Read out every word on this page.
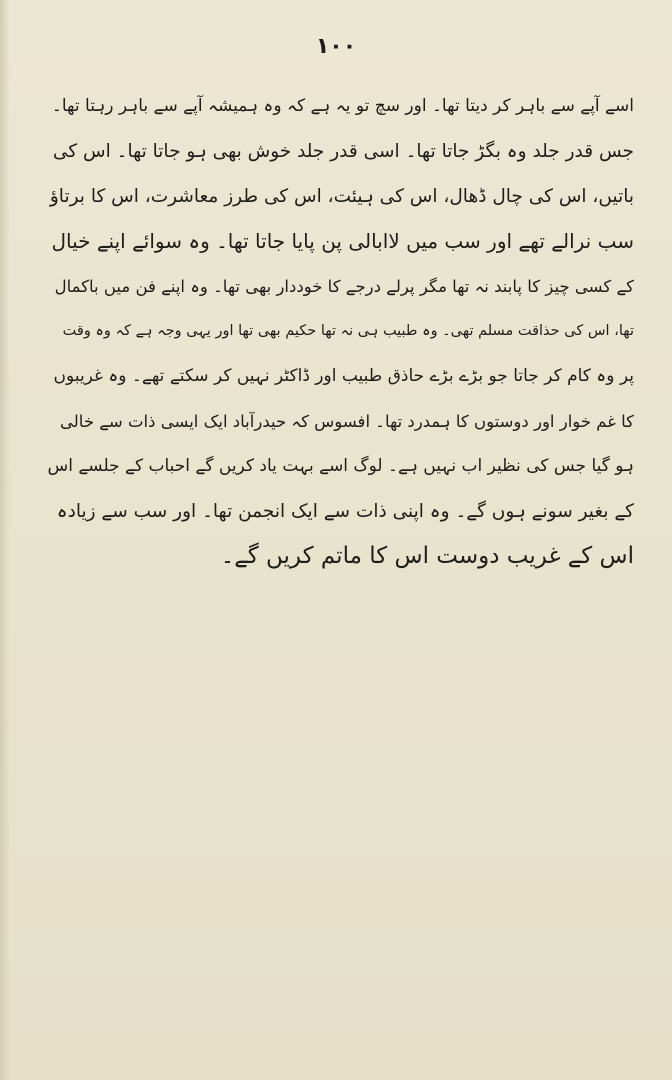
۱۰۰
اسے آپے سے باہر کر دیتا تھا۔ اور سچ تو یہ ہے کہ وہ ہمیشہ آپے سے باہر رہتا تھا۔
جس قدر جلد وہ بگڑ جاتا تھا۔ اسی قدر جلد خوش بھی ہو جاتا تھا۔ اس کی
باتیں، اس کی چال ڈھال، اس کی ہیئت، اس کی طرز معاشرت، اس کا برتاؤ
سب نرالے تھے اور سب میں لاابالی پن پایا جاتا تھا۔ وہ سوائے اپنے خیال
کے کسی چیز کا پابند نہ تھا مگر پرلے درجے کا خوددار بھی تھا۔ وہ اپنے فن میں باکمال
تھا، اس کی حذاقت مسلم تھی۔ وہ طبیب ہی نہ تھا حکیم بھی تھا اور یہی وجہ ہے کہ وہ وقت
پر وہ کام کر جاتا جو بڑے بڑے حاذق طبیب اور ڈاکٹر نہیں کر سکتے تھے۔ وہ غریبوں
کا غم خوار اور دوستوں کا ہمدرد تھا۔ افسوس کہ حیدرآباد ایک ایسی ذات سے خالی
ہو گیا جس کی نظیر اب نہیں ہے۔ لوگ اسے بہت یاد کریں گے احباب کے جلسے اس
کے بغیر سونے ہوں گے۔ وہ اپنی ذات سے ایک انجمن تھا۔ اور سب سے زیادہ
اس کے غریب دوست اس کا ماتم کریں گے۔
